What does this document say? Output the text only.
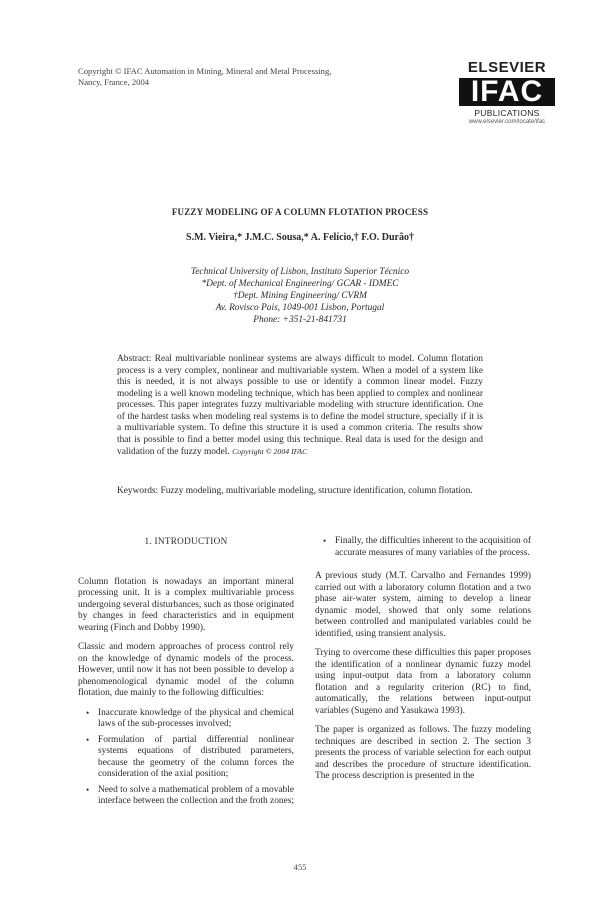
Copyright © IFAC Automation in Mining, Mineral and Metal Processing,
Nancy, France, 2004
ELSEVIER
IFAC
PUBLICATIONS
www.elsevier.com/locate/ifac
FUZZY MODELING OF A COLUMN FLOTATION PROCESS
S.M. Vieira,* J.M.C. Sousa,* A. Felício,† F.O. Durão†
Technical University of Lisbon, Instituto Superior Técnico
*Dept. of Mechanical Engineering/ GCAR - IDMEC
†Dept. Mining Engineering/ CVRM
Av. Rovisco Pais, 1049-001 Lisbon, Portugal
Phone: +351-21-841731
Abstract: Real multivariable nonlinear systems are always difficult to model. Column flotation process is a very complex, nonlinear and multivariable system. When a model of a system like this is needed, it is not always possible to use or identify a common linear model. Fuzzy modeling is a well known modeling technique, which has been applied to complex and nonlinear processes. This paper integrates fuzzy multivariable modeling with structure identification. One of the hardest tasks when modeling real systems is to define the model structure, specially if it is a multivariable system. To define this structure it is used a common criteria. The results show that is possible to find a better model using this technique. Real data is used for the design and validation of the fuzzy model. Copyright © 2004 IFAC
Keywords: Fuzzy modeling, multivariable modeling, structure identification, column flotation.
1. INTRODUCTION

Column flotation is nowadays an important mineral processing unit. It is a complex multivariable process undergoing several disturbances, such as those originated by changes in feed characteristics and in equipment wearing (Finch and Dobby 1990).

Classic and modern approaches of process control rely on the knowledge of dynamic models of the process. However, until now it has not been possible to develop a phenomenological dynamic model of the column flotation, due mainly to the following difficulties:

• Inaccurate knowledge of the physical and chemical laws of the sub-processes involved;
• Formulation of partial differential nonlinear systems equations of distributed parameters, because the geometry of the column forces the consideration of the axial position;
• Need to solve a mathematical problem of a movable interface between the collection and the froth zones;
• Finally, the difficulties inherent to the acquisition of accurate measures of many variables of the process.

A previous study (M.T. Carvalho and Fernandes 1999) carried out with a laboratory column flotation and a two phase air-water system, aiming to develop a linear dynamic model, showed that only some relations between controlled and manipulated variables could be identified, using transient analysis.

Trying to overcome these difficulties this paper proposes the identification of a nonlinear dynamic fuzzy model using input-output data from a laboratory column flotation and a regularity criterion (RC) to find, automatically, the relations between input-output variables (Sugeno and Yasukawa 1993).

The paper is organized as follows. The fuzzy modeling techniques are described in section 2. The section 3 presents the process of variable selection for each output and describes the procedure of structure identification. The process description is presented in the

455
